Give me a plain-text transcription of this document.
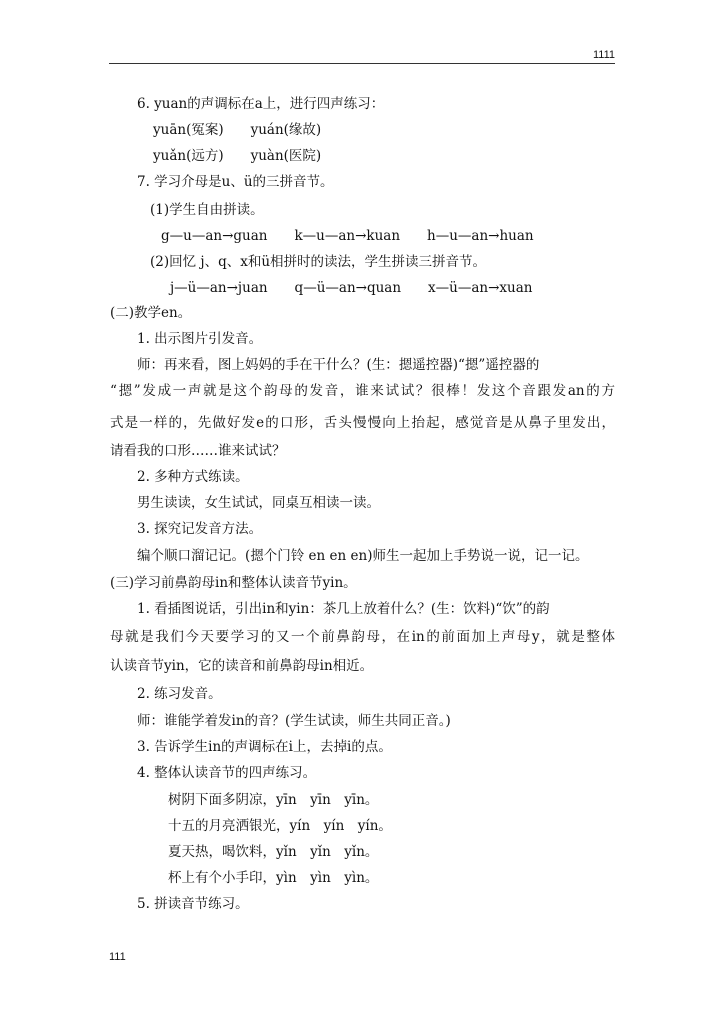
1111
6. yuan的声调标在a上，进行四声练习：
yuān(冤案)　　yuán(缘故)
yuǎn(远方)　　yuàn(医院)
7. 学习介母是u、ü的三拼音节。
(1)学生自由拼读。
g—u—an→guan　　k—u—an→kuan　　h—u—an→huan
(2)回忆 j、q、x和ü相拼时的读法，学生拼读三拼音节。
j—ü—an→juan　　q—ü—an→quan　　x—ü—an→xuan
(二)教学en。
1. 出示图片引发音。
师：再来看，图上妈妈的手在干什么？(生：摁遥控器)“摁”遥控器的
“摁”发成一声就是这个韵母的发音，谁来试试？很棒！发这个音跟发an的方
式是一样的，先做好发e的口形，舌头慢慢向上抬起，感觉音是从鼻子里发出，
请看我的口形……谁来试试？
2. 多种方式练读。
男生读读，女生试试，同桌互相读一读。
3. 探究记发音方法。
编个顺口溜记记。(摁个门铃 en en en)师生一起加上手势说一说，记一记。
(三)学习前鼻韵母in和整体认读音节yin。
1. 看插图说话，引出in和yin：茶几上放着什么？(生：饮料)“饮”的韵
母就是我们今天要学习的又一个前鼻韵母，在in的前面加上声母y，就是整体
认读音节yin，它的读音和前鼻韵母in相近。
2. 练习发音。
师：谁能学着发in的音？(学生试读，师生共同正音。)
3. 告诉学生in的声调标在i上，去掉i的点。
4. 整体认读音节的四声练习。
树阴下面多阴凉，yīn　yīn　yīn。
十五的月亮洒银光，yín　yín　yín。
夏天热，喝饮料，yǐn　yǐn　yǐn。
杯上有个小手印，yìn　yìn　yìn。
5. 拼读音节练习。
111
